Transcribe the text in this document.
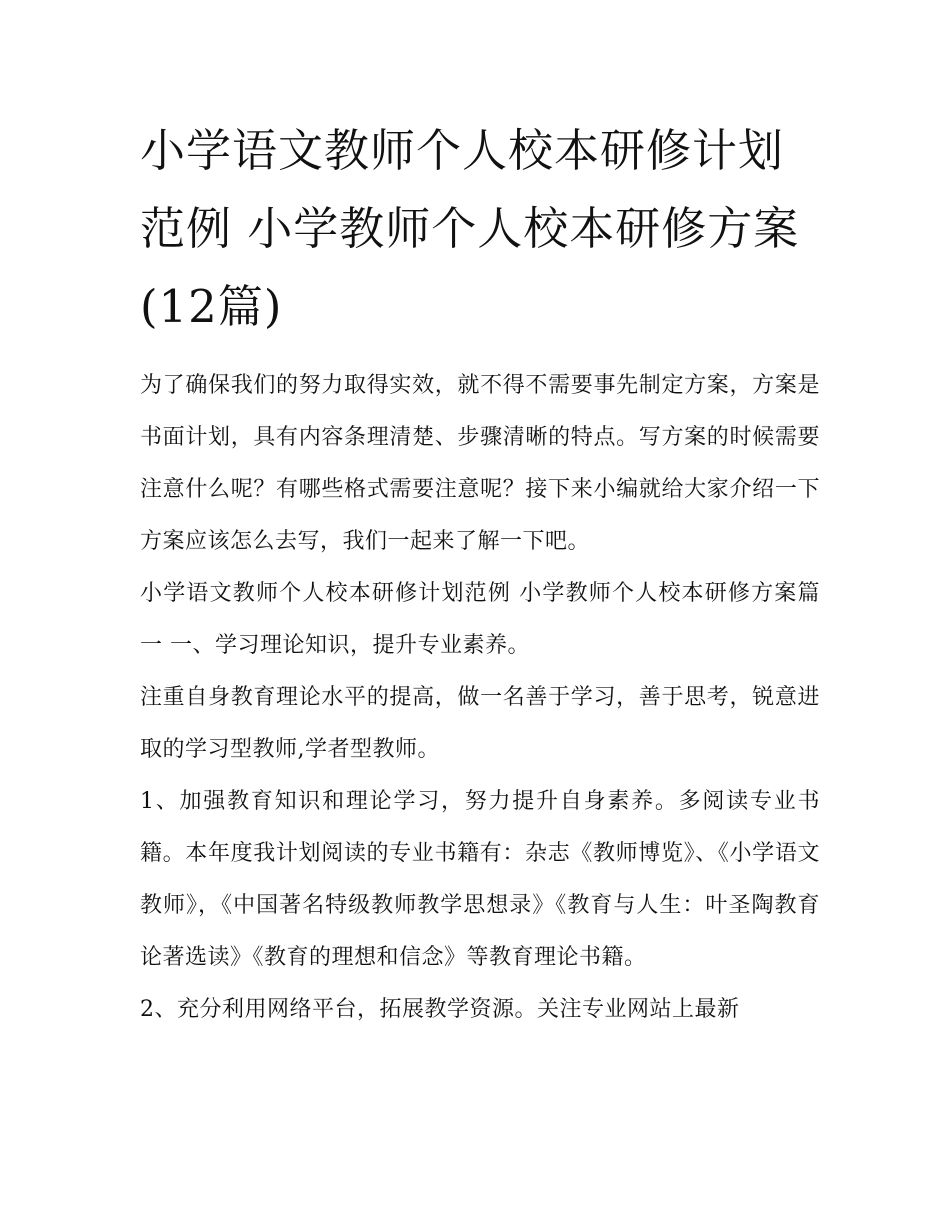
小学语文教师个人校本研修计划范例 小学教师个人校本研修方案(12篇)

为了确保我们的努力取得实效，就不得不需要事先制定方案，方案是书面计划，具有内容条理清楚、步骤清晰的特点。写方案的时候需要注意什么呢？有哪些格式需要注意呢？接下来小编就给大家介绍一下方案应该怎么去写，我们一起来了解一下吧。

小学语文教师个人校本研修计划范例 小学教师个人校本研修方案篇一 一、学习理论知识，提升专业素养。

注重自身教育理论水平的提高，做一名善于学习，善于思考，锐意进取的学习型教师,学者型教师。

1、加强教育知识和理论学习，努力提升自身素养。多阅读专业书籍。本年度我计划阅读的专业书籍有：杂志《教师博览》、《小学语文教师》，《中国著名特级教师教学思想录》《教育与人生：叶圣陶教育论著选读》《教育的理想和信念》等教育理论书籍。

2、充分利用网络平台，拓展教学资源。关注专业网站上最新
